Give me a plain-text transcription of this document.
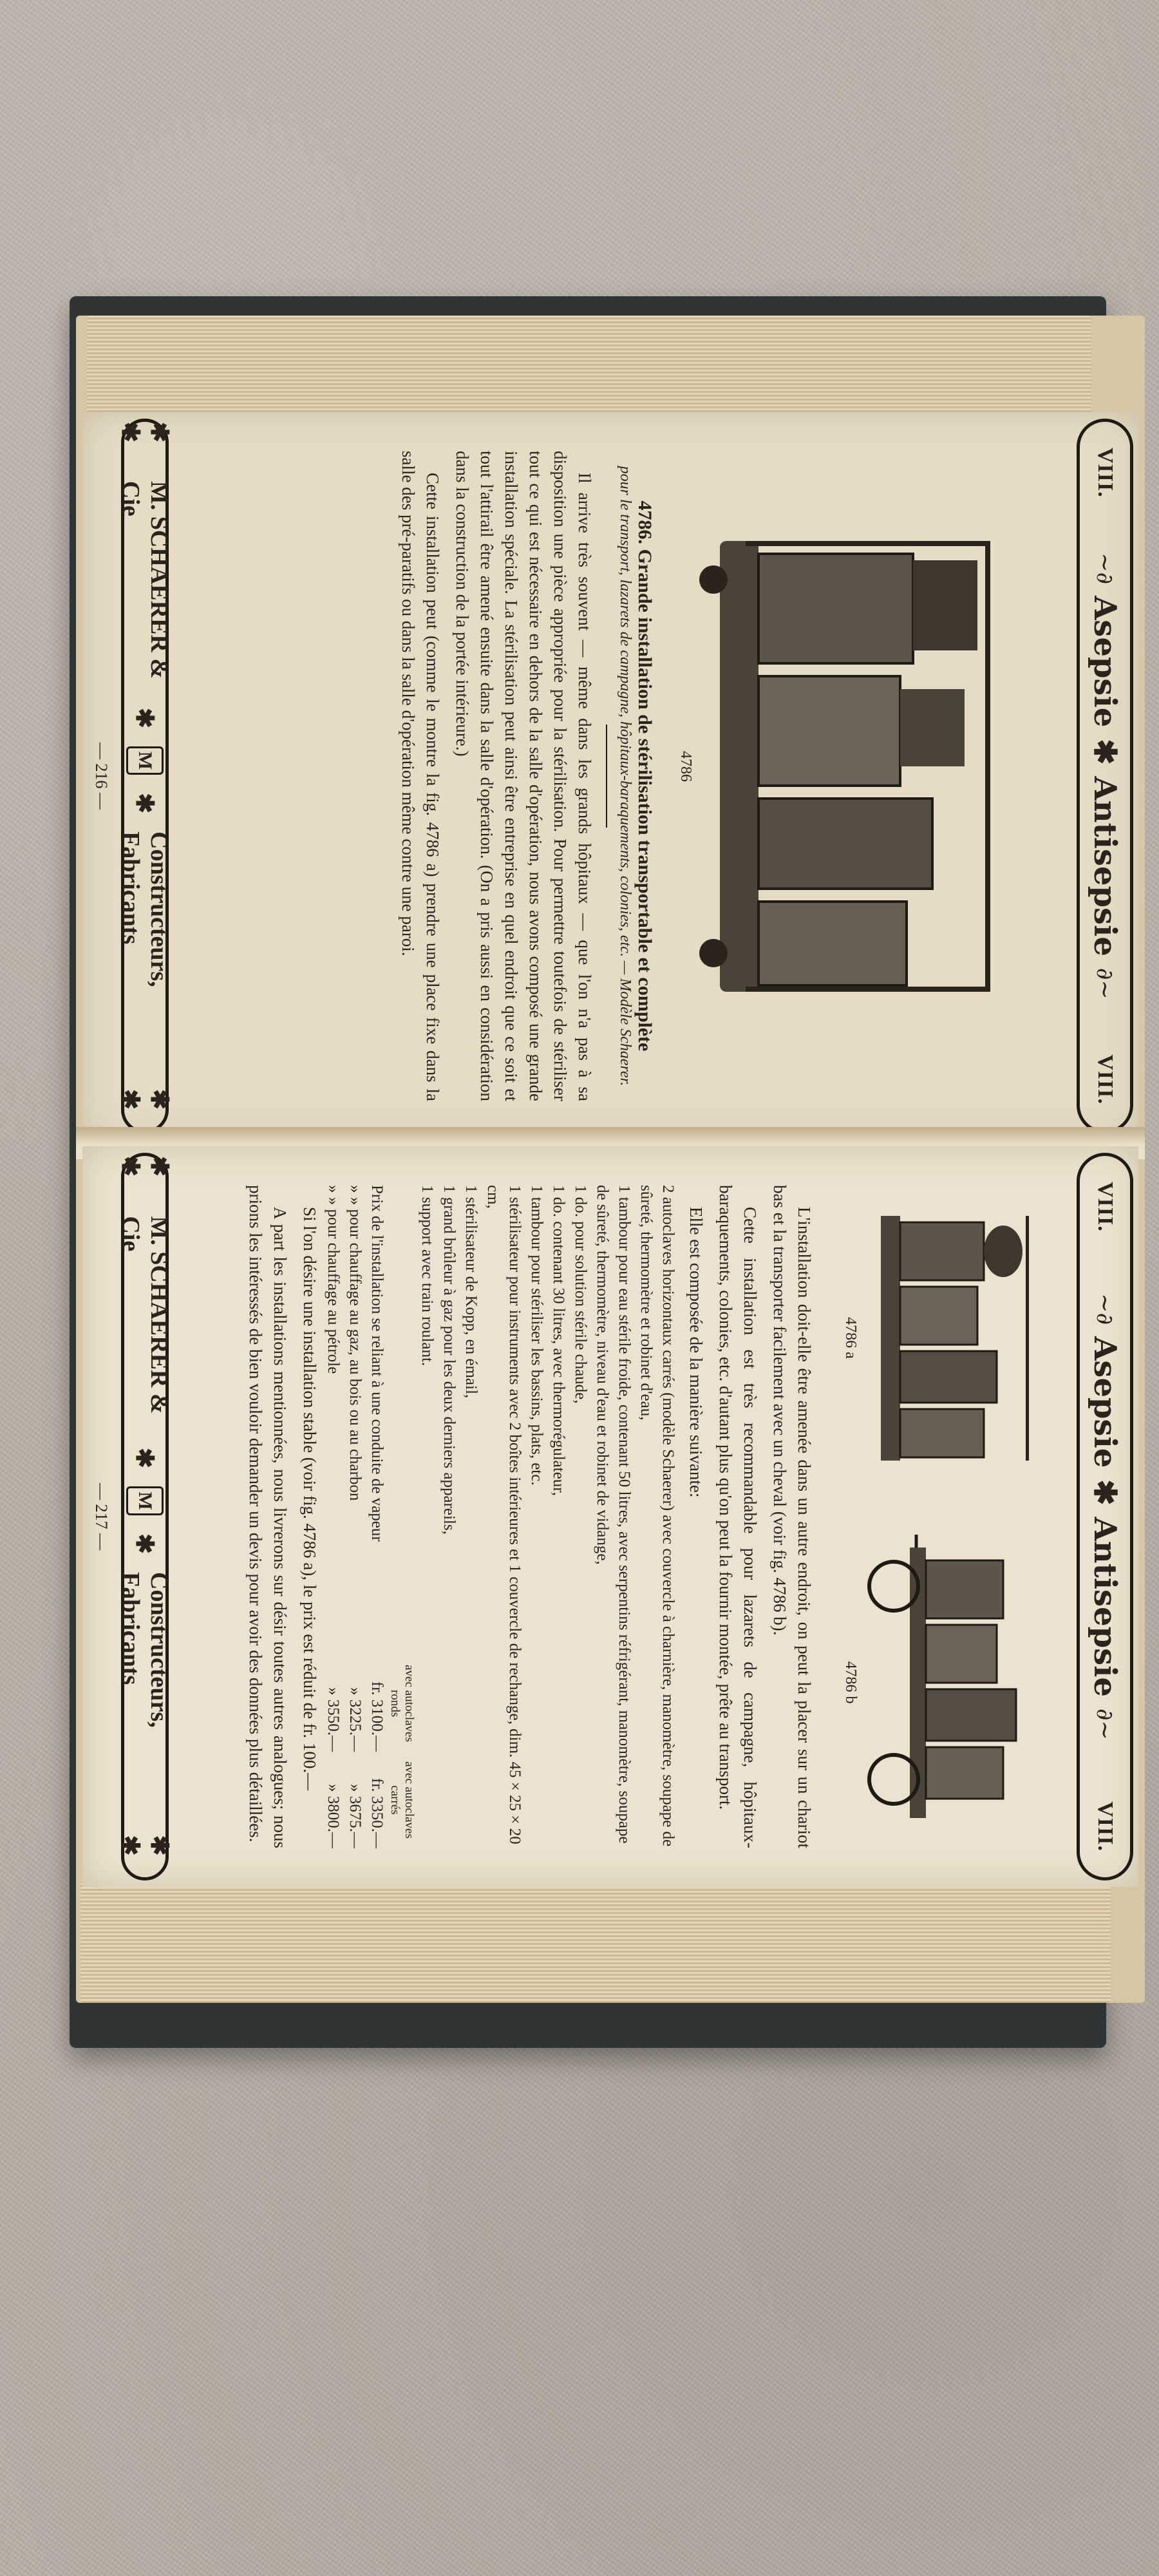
VIII.
~∂
Asepsie
✱
Antisepsie
∂~
VIII.
4786
4786. Grande installation de stérilisation transportable et complète
pour le transport, lazarets de campagne, hôpitaux-baraquements, colonies, etc. — Modèle Schaerer.

Il arrive très souvent — même dans les grands hôpitaux — que l'on n'a pas à sa disposition une pièce appropriée pour la stérilisation. Pour permettre toutefois de stériliser tout ce qui est nécessaire en dehors de la salle d'opération, nous avons composé une grande installation spéciale. La stérilisation peut ainsi être entreprise en quel endroit que ce soit et tout l'attirail être amené ensuite dans la salle d'opération. (On a pris aussi en considération dans la construction de la portée intérieure.)

Cette installation peut (comme le montre la fig. 4786 a) prendre une place fixe dans la salle des pré-paratifs ou dans la salle d'opération même contre une paroi.

✱ ✱
M. SCHAERER & Cie
✱
M
✱
Constructeurs, Fabricants
✱ ✱
— 216 —
VIII.
~∂
Asepsie
✱
Antisepsie
∂~
VIII.
4786 a
4786 b

L'installation doit-elle être amenée dans un autre endroit, on peut la placer sur un chariot bas et la transporter facilement avec un cheval (voir fig. 4786 b).

Cette installation est très recommandable pour lazarets de campagne, hôpitaux-baraquements, colonies, etc. d'autant plus qu'on peut la fournir montée, prête au transport.

Elle est composée de la manière suivante:

2 autoclaves horizontaux carrés (modèle Schaerer) avec couvercle à charnière, manomètre, soupape de sûreté, thermomètre et robinet d'eau,
1 tambour pour eau stérile froide, contenant 50 litres, avec serpentins réfrigérant, manomètre, soupape de sûreté, thermomètre, niveau d'eau et robinet de vidange,
1 do. pour solution stérile chaude,
1 do. contenant 30 litres, avec thermorégulateur,
1 tambour pour stériliser les bassins, plats, etc.
1 stérilisateur pour instruments avec 2 boîtes intérieures et 1 couvercle de rechange, dim. 45 × 25 × 20 cm,
1 stérilisateur de Kopp, en émail,
1 grand brûleur à gaz pour les deux derniers appareils,
1 support avec train roulant.
avec autoclaves ronds
avec autoclaves carrés
Prix de l'installation se reliant à une conduite de vapeur
fr. 3100.—
fr. 3350.—
» » pour chauffage au gaz, au bois ou au charbon
» 3225.—
» 3675.—
» » pour chauffage au pétrole
» 3550.—
» 3800.—

Si l'on désire une installation stable (voir fig. 4786 a), le prix est réduit de fr. 100.—

A part les installations mentionnées, nous livrerons sur désir toutes autres analogues; nous prions les intéressés de bien vouloir demander un devis pour avoir des données plus détaillées.

✱ ✱
M. SCHAERER & Cie
✱
M
✱
Constructeurs, Fabricants
✱ ✱
— 217 —
